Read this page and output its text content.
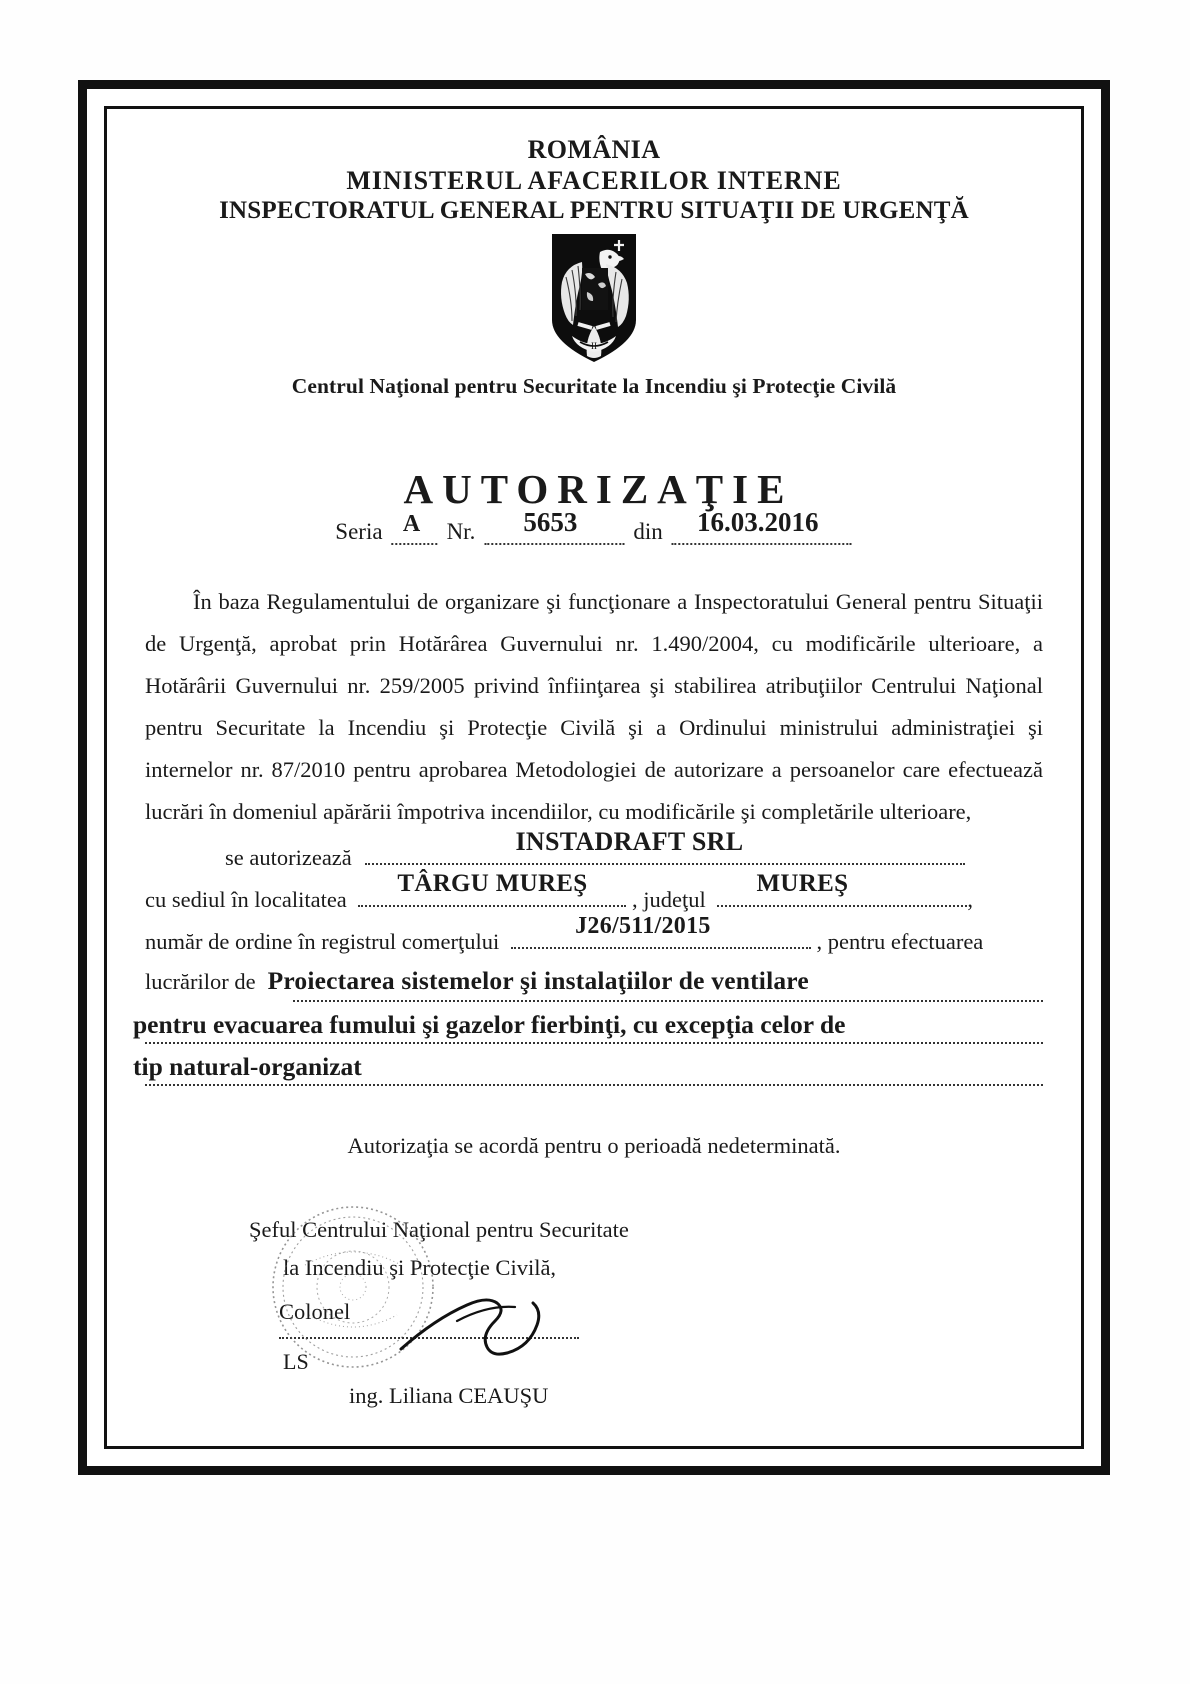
ROMÂNIA
MINISTERUL AFACERILOR INTERNE
INSPECTORATUL GENERAL PENTRU SITUAŢII DE URGENŢĂ
II
Centrul Naţional pentru Securitate la Incendiu şi Protecţie Civilă
AUTORIZAŢIE
Seria A Nr. 5653 din 16.03.2016
În baza Regulamentului de organizare şi funcţionare a Inspectoratului General pentru Situaţii de Urgenţă, aprobat prin Hotărârea Guvernului nr. 1.490/2004, cu modificările ulterioare, a Hotărârii Guvernului nr. 259/2005 privind înfiinţarea şi stabilirea atribuţiilor Centrului Naţional pentru Securitate la Incendiu şi Protecţie Civilă şi a Ordinului ministrului administraţiei şi internelor nr. 87/2010 pentru aprobarea Metodologiei de autorizare a persoanelor care efectuează lucrări în domeniul apărării împotriva incendiilor, cu modificările şi completările ulterioare,
se autorizează
INSTADRAFT SRL
cu sediul în localitatea
TÂRGU MUREŞ
, judeţul
MUREŞ
,
număr de ordine în registrul comerţului
J26/511/2015
, pentru efectuarea
lucrărilor de Proiectarea sistemelor şi instalaţiilor de ventilare
pentru evacuarea fumului şi gazelor fierbinţi, cu excepţia celor de
tip natural-organizat
Autorizaţia se acordă pentru o perioadă nedeterminată.
Şeful Centrului Naţional pentru Securitate
la Incendiu şi Protecţie Civilă,
Colonel
LS
ing. Liliana CEAUŞU
